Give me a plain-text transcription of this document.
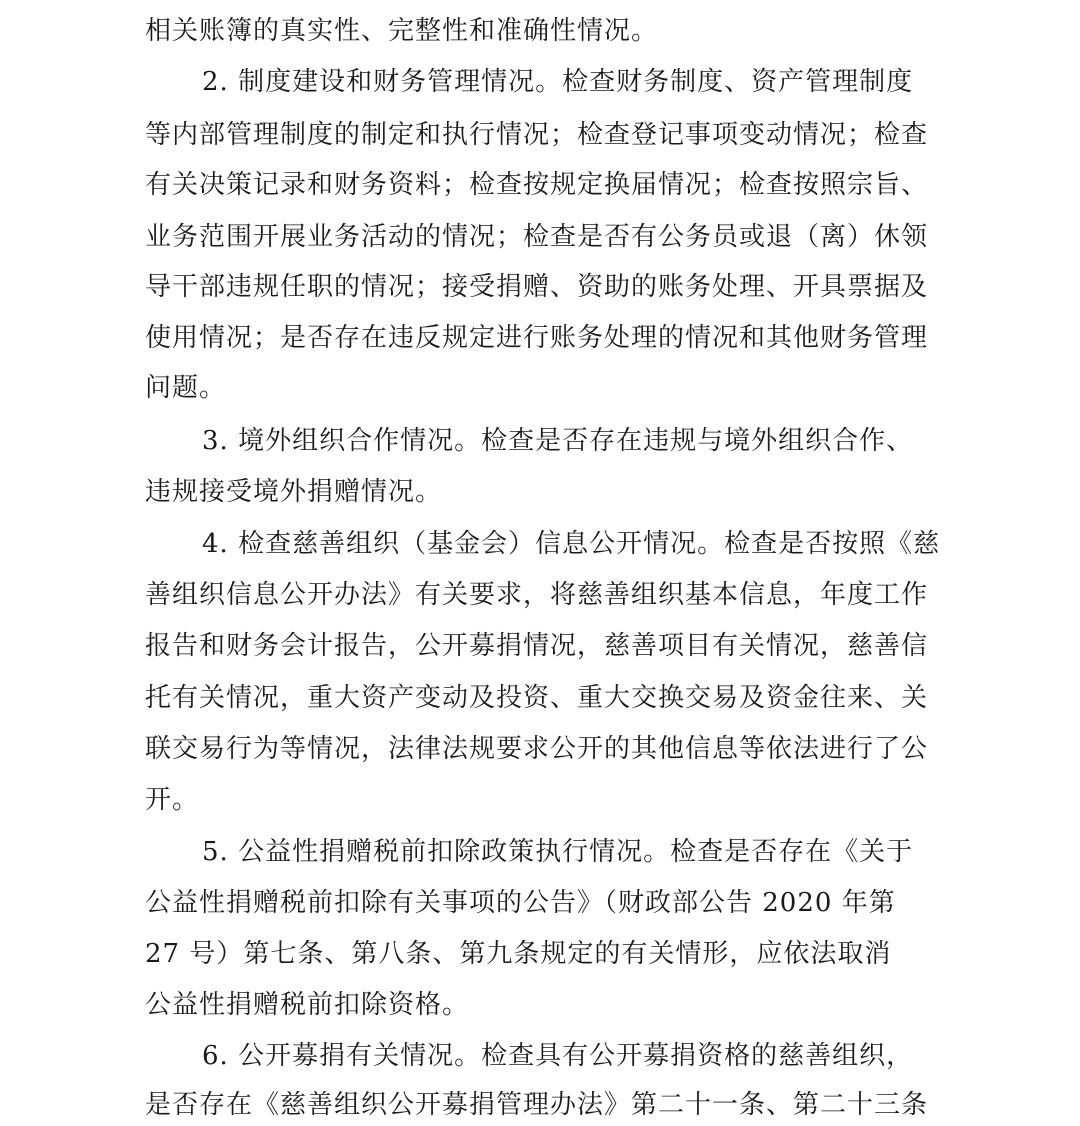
相关账簿的真实性、完整性和准确性情况。
2. 制度建设和财务管理情况。检查财务制度、资产管理制度
等内部管理制度的制定和执行情况；检查登记事项变动情况；检查
有关决策记录和财务资料；检查按规定换届情况；检查按照宗旨、
业务范围开展业务活动的情况；检查是否有公务员或退（离）休领
导干部违规任职的情况；接受捐赠、资助的账务处理、开具票据及
使用情况；是否存在违反规定进行账务处理的情况和其他财务管理
问题。
3. 境外组织合作情况。检查是否存在违规与境外组织合作、
违规接受境外捐赠情况。
4. 检查慈善组织（基金会）信息公开情况。检查是否按照《慈
善组织信息公开办法》有关要求，将慈善组织基本信息，年度工作
报告和财务会计报告，公开募捐情况，慈善项目有关情况，慈善信
托有关情况，重大资产变动及投资、重大交换交易及资金往来、关
联交易行为等情况，法律法规要求公开的其他信息等依法进行了公
开。
5. 公益性捐赠税前扣除政策执行情况。检查是否存在《关于
公益性捐赠税前扣除有关事项的公告》（财政部公告 2020 年第
27 号）第七条、第八条、第九条规定的有关情形，应依法取消
公益性捐赠税前扣除资格。
6. 公开募捐有关情况。检查具有公开募捐资格的慈善组织，
是否存在《慈善组织公开募捐管理办法》第二十一条、第二十三条
